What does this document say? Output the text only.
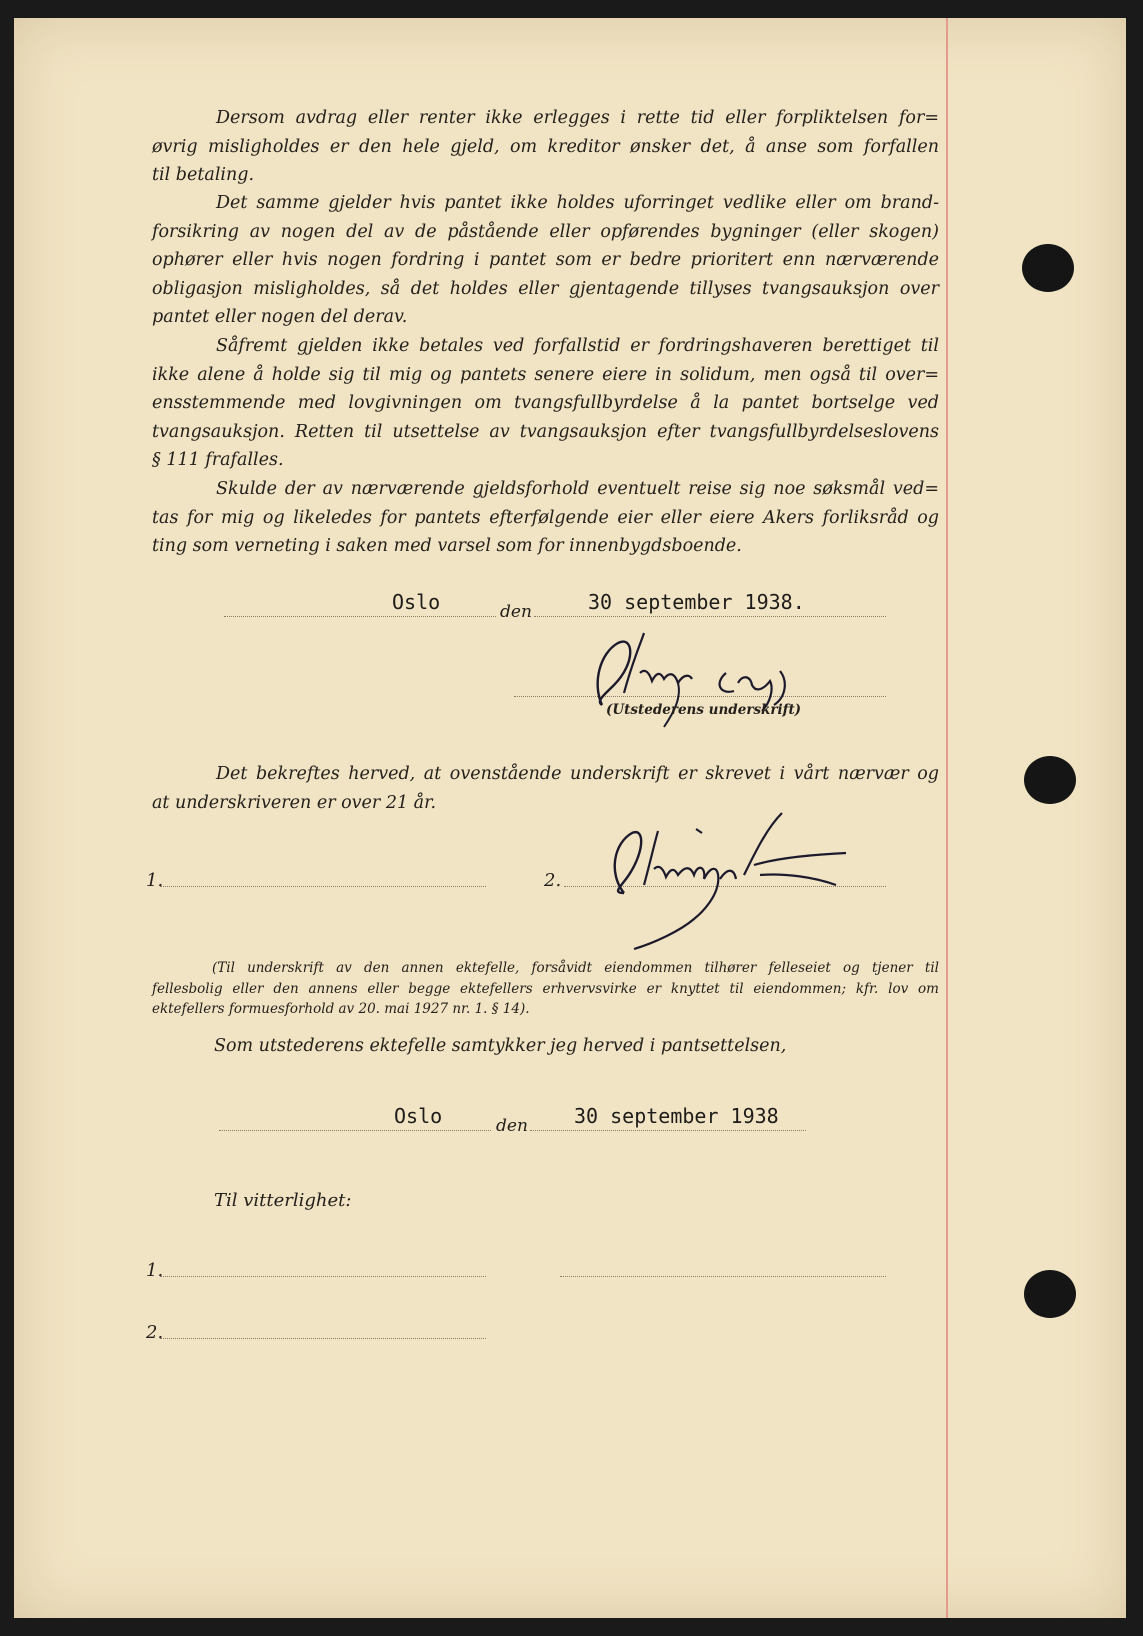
Dersom avdrag eller renter ikke erlegges i rette tid eller forpliktelsen for=
øvrig misligholdes er den hele gjeld, om kreditor ønsker det, å anse som forfallen
til betaling.
Det samme gjelder hvis pantet ikke holdes uforringet vedlike eller om brand-
forsikring av nogen del av de påstående eller opførendes bygninger (eller skogen)
ophører eller hvis nogen fordring i pantet som er bedre prioritert enn nærværende
obligasjon misligholdes, så det holdes eller gjentagende tillyses tvangsauksjon over
pantet eller nogen del derav.
Såfremt gjelden ikke betales ved forfallstid er fordringshaveren berettiget til
ikke alene å holde sig til mig og pantets senere eiere in solidum, men også til over=
ensstemmende med lovgivningen om tvangsfullbyrdelse å la pantet bortselge ved
tvangsauksjon. Retten til utsettelse av tvangsauksjon efter tvangsfullbyrdelseslovens
§ 111 frafalles.
Skulde der av nærværende gjeldsforhold eventuelt reise sig noe søksmål ved=
tas for mig og likeledes for pantets efterfølgende eier eller eiere Akers forliksråd og
ting som verneting i saken med varsel som for innenbygdsboende.
Oslo	den	30 september 1938.
(Utstederens underskrift)
Det bekreftes herved, at ovenstående underskrift er skrevet i vårt nærvær og
at underskriveren er over 21 år.
1.	2.
(Til underskrift av den annen ektefelle, forsåvidt eiendommen tilhører felleseiet og tjener til
fellesbolig eller den annens eller begge ektefellers erhvervsvirke er knyttet til eiendommen; kfr. lov om
ektefellers formuesforhold av 20. mai 1927 nr. 1. § 14).
Som utstederens ektefelle samtykker jeg herved i pantsettelsen,
Oslo	den 30 september 1938
Til vitterlighet:
1.
2.
